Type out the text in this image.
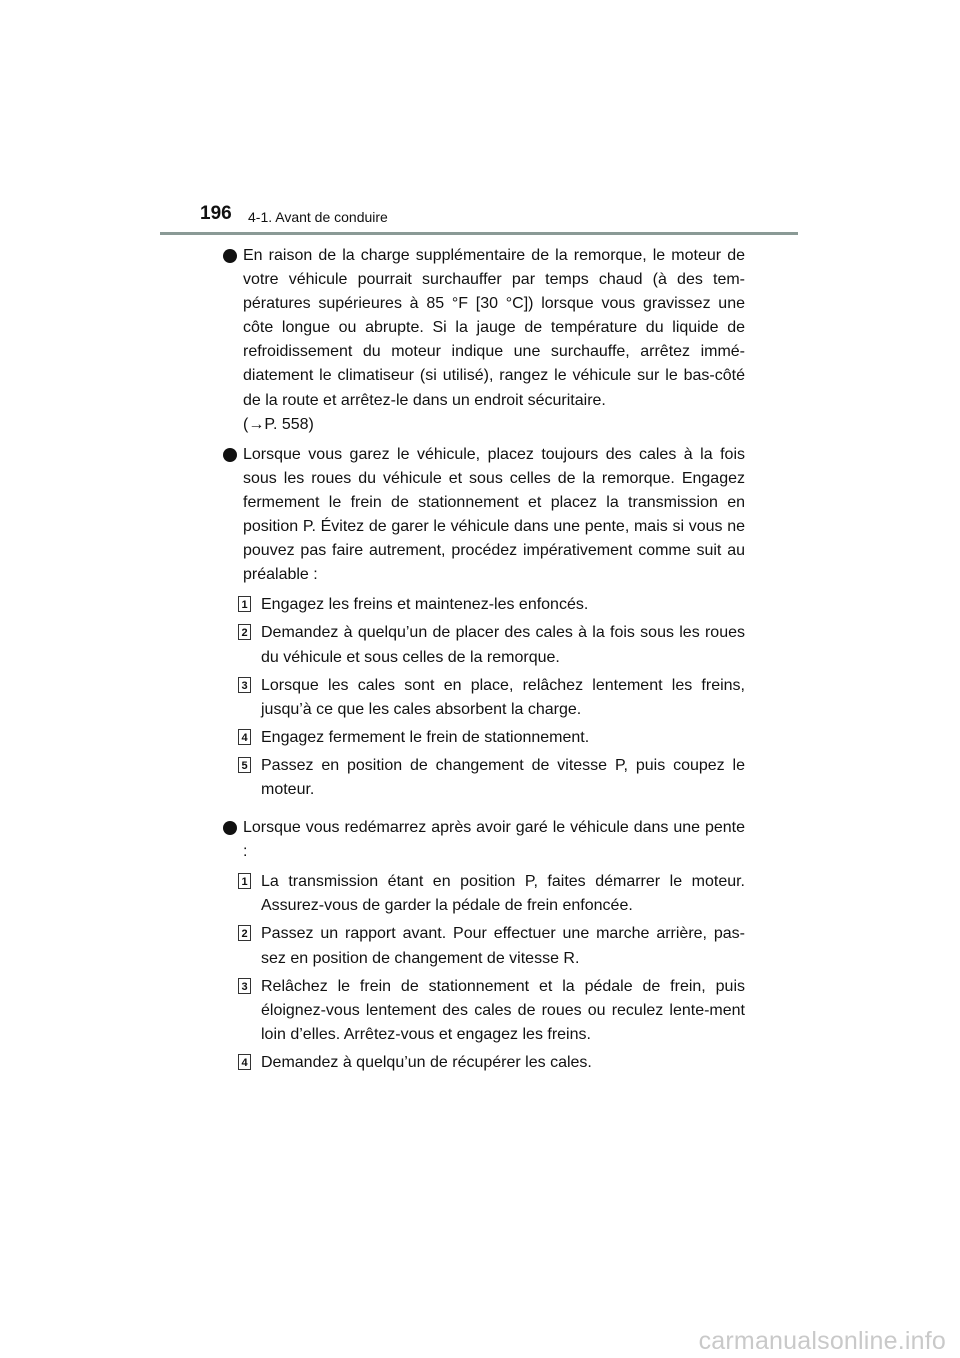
196 4-1. Avant de conduire
En raison de la charge supplémentaire de la remorque, le moteur de votre véhicule pourrait surchauffer par temps chaud (à des tem-pératures supérieures à 85 °F [30 °C]) lorsque vous gravissez une côte longue ou abrupte. Si la jauge de température du liquide de refroidissement du moteur indique une surchauffe, arrêtez immé-diatement le climatiseur (si utilisé), rangez le véhicule sur le bas-côté de la route et arrêtez-le dans un endroit sécuritaire.
(→P. 558)
Lorsque vous garez le véhicule, placez toujours des cales à la fois sous les roues du véhicule et sous celles de la remorque. Engagez fermement le frein de stationnement et placez la transmission en position P. Évitez de garer le véhicule dans une pente, mais si vous ne pouvez pas faire autrement, procédez impérativement comme suit au préalable :
1 Engagez les freins et maintenez-les enfoncés.
2 Demandez à quelqu’un de placer des cales à la fois sous les roues du véhicule et sous celles de la remorque.
3 Lorsque les cales sont en place, relâchez lentement les freins, jusqu’à ce que les cales absorbent la charge.
4 Engagez fermement le frein de stationnement.
5 Passez en position de changement de vitesse P, puis coupez le moteur.
Lorsque vous redémarrez après avoir garé le véhicule dans une pente :
1 La transmission étant en position P, faites démarrer le moteur. Assurez-vous de garder la pédale de frein enfoncée.
2 Passez un rapport avant. Pour effectuer une marche arrière, pas-sez en position de changement de vitesse R.
3 Relâchez le frein de stationnement et la pédale de frein, puis éloignez-vous lentement des cales de roues ou reculez lente-ment loin d’elles. Arrêtez-vous et engagez les freins.
4 Demandez à quelqu’un de récupérer les cales.
carmanualsonline.info
